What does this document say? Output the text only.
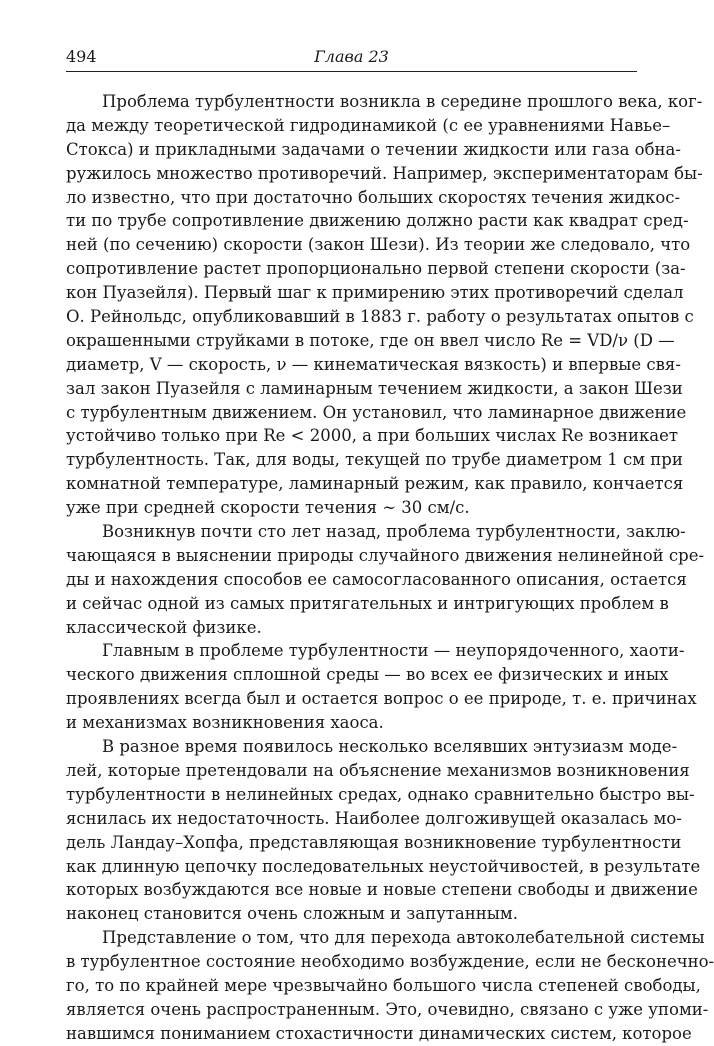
494	Глава 23
Проблема турбулентности возникла в середине прошлого века, ког-
да между теоретической гидродинамикой (с ее уравнениями Навье–
Стокса) и прикладными задачами о течении жидкости или газа обна-
ружилось множество противоречий. Например, экспериментаторам бы-
ло известно, что при достаточно больших скоростях течения жидкос-
ти по трубе сопротивление движению должно расти как квадрат сред-
ней (по сечению) скорости (закон Шези). Из теории же следовало, что
сопротивление растет пропорционально первой степени скорости (за-
кон Пуазейля). Первый шаг к примирению этих противоречий сделал
О. Рейнольдс, опубликовавший в 1883 г. работу о результатах опытов с
окрашенными струйками в потоке, где он ввел число Re = VD/ν (D —
диаметр, V — скорость, ν — кинематическая вязкость) и впервые свя-
зал закон Пуазейля с ламинарным течением жидкости, а закон Шези
с турбулентным движением. Он установил, что ламинарное движение
устойчиво только при Re < 2000, а при больших числах Re возникает
турбулентность. Так, для воды, текущей по трубе диаметром 1 см при
комнатной температуре, ламинарный режим, как правило, кончается
уже при средней скорости течения ∼ 30 см/с.
Возникнув почти сто лет назад, проблема турбулентности, заклю-
чающаяся в выяснении природы случайного движения нелинейной сре-
ды и нахождения способов ее самосогласованного описания, остается
и сейчас одной из самых притягательных и интригующих проблем в
классической физике.
Главным в проблеме турбулентности — неупорядоченного, хаоти-
ческого движения сплошной среды — во всех ее физических и иных
проявлениях всегда был и остается вопрос о ее природе, т. е. причинах
и механизмах возникновения хаоса.
В разное время появилось несколько вселявших энтузиазм моде-
лей, которые претендовали на объяснение механизмов возникновения
турбулентности в нелинейных средах, однако сравнительно быстро вы-
яснилась их недостаточность. Наиболее долгоживущей оказалась мо-
дель Ландау–Хопфа, представляющая возникновение турбулентности
как длинную цепочку последовательных неустойчивостей, в результате
которых возбуждаются все новые и новые степени свободы и движение
наконец становится очень сложным и запутанным.
Представление о том, что для перехода автоколебательной системы
в турбулентное состояние необходимо возбуждение, если не бесконечно-
го, то по крайней мере чрезвычайно большого числа степеней свободы,
является очень распространенным. Это, очевидно, связано с уже упоми-
навшимся пониманием стохастичности динамических систем, которое
